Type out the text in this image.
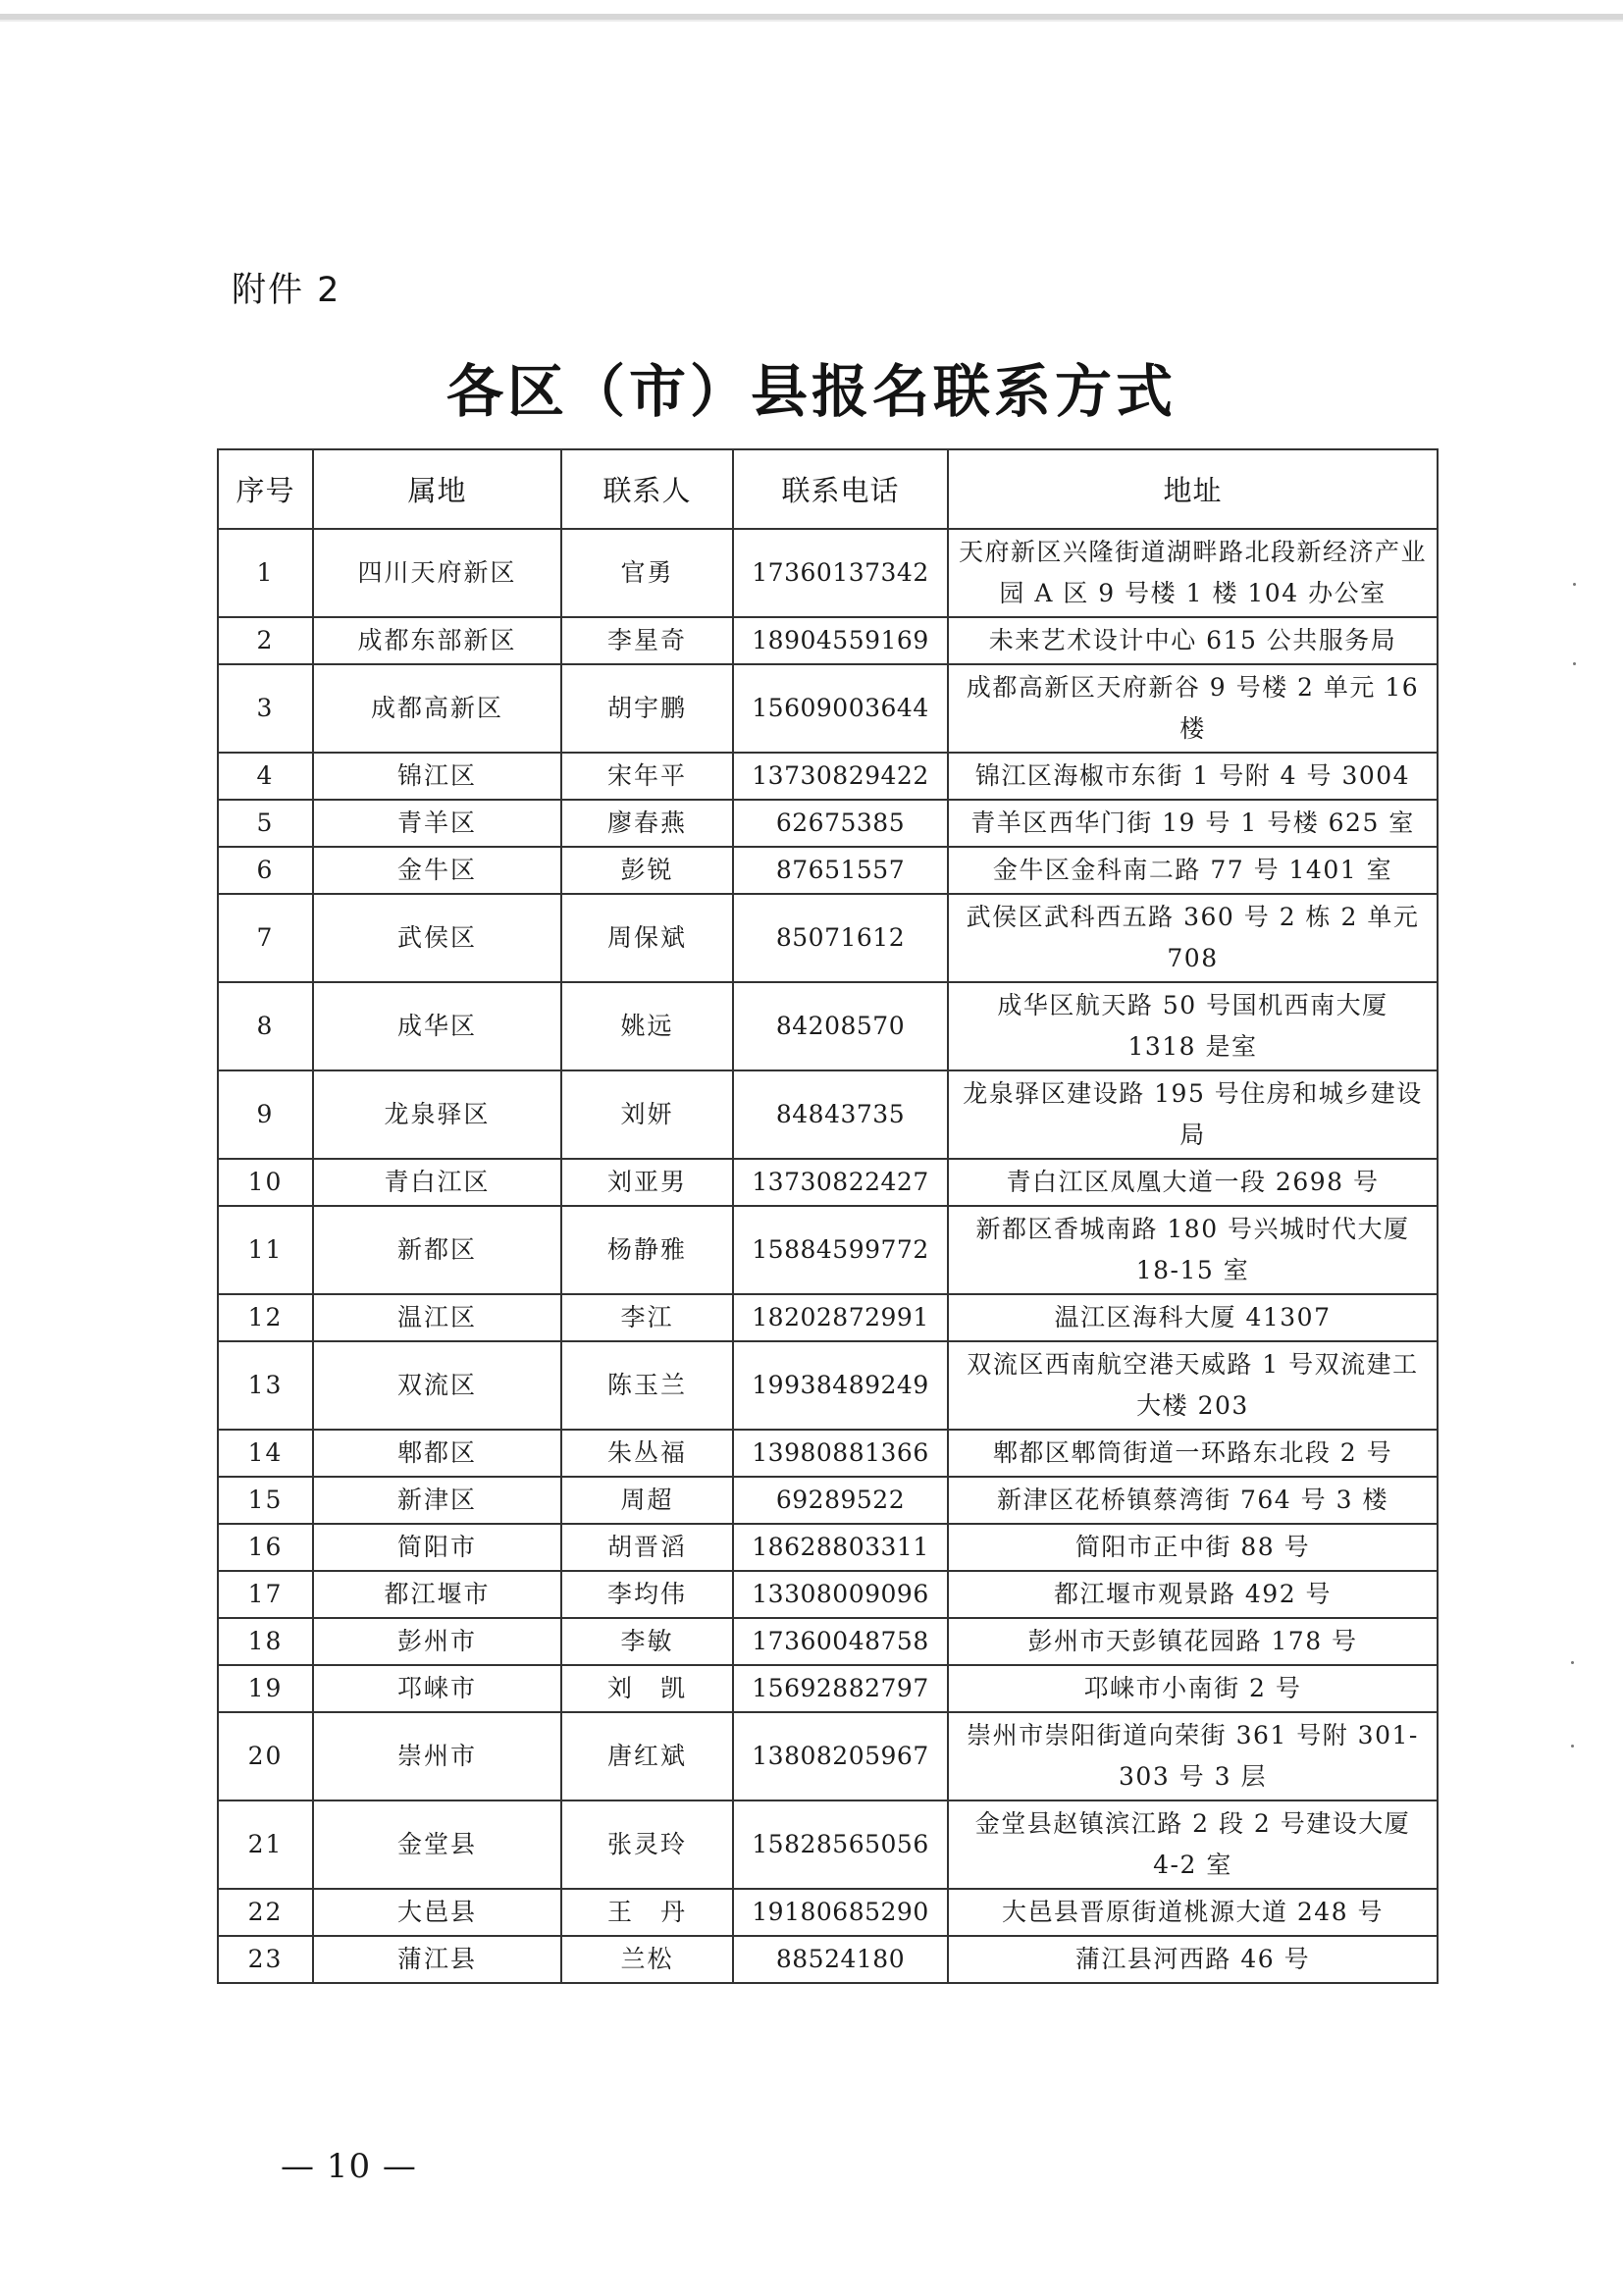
附件 2
各区（市）县报名联系方式
序号	属地	联系人	联系电话	地址
1	四川天府新区	官勇	17360137342	天府新区兴隆街道湖畔路北段新经济产业园 A 区 9 号楼 1 楼 104 办公室
2	成都东部新区	李星奇	18904559169	未来艺术设计中心 615 公共服务局
3	成都高新区	胡宇鹏	15609003644	成都高新区天府新谷 9 号楼 2 单元 16 楼
4	锦江区	宋年平	13730829422	锦江区海椒市东街 1 号附 4 号 3004
5	青羊区	廖春燕	62675385	青羊区西华门街 19 号 1 号楼 625 室
6	金牛区	彭锐	87651557	金牛区金科南二路 77 号 1401 室
7	武侯区	周保斌	85071612	武侯区武科西五路 360 号 2 栋 2 单元 708
8	成华区	姚远	84208570	成华区航天路 50 号国机西南大厦 1318 是室
9	龙泉驿区	刘妍	84843735	龙泉驿区建设路 195 号住房和城乡建设局
10	青白江区	刘亚男	13730822427	青白江区凤凰大道一段 2698 号
11	新都区	杨静雅	15884599772	新都区香城南路 180 号兴城时代大厦 18-15 室
12	温江区	李江	18202872991	温江区海科大厦 41307
13	双流区	陈玉兰	19938489249	双流区西南航空港天威路 1 号双流建工大楼 203
14	郫都区	朱丛福	13980881366	郫都区郫筒街道一环路东北段 2 号
15	新津区	周超	69289522	新津区花桥镇蔡湾街 764 号 3 楼
16	简阳市	胡晋滔	18628803311	简阳市正中街 88 号
17	都江堰市	李均伟	13308009096	都江堰市观景路 492 号
18	彭州市	李敏	17360048758	彭州市天彭镇花园路 178 号
19	邛崃市	刘　凯	15692882797	邛崃市小南街 2 号
20	崇州市	唐红斌	13808205967	崇州市崇阳街道向荣街 361 号附 301-303 号 3 层
21	金堂县	张灵玲	15828565056	金堂县赵镇滨江路 2 段 2 号建设大厦 4-2 室
22	大邑县	王　丹	19180685290	大邑县晋原街道桃源大道 248 号
23	蒲江县	兰松	88524180	蒲江县河西路 46 号
— 10 —
